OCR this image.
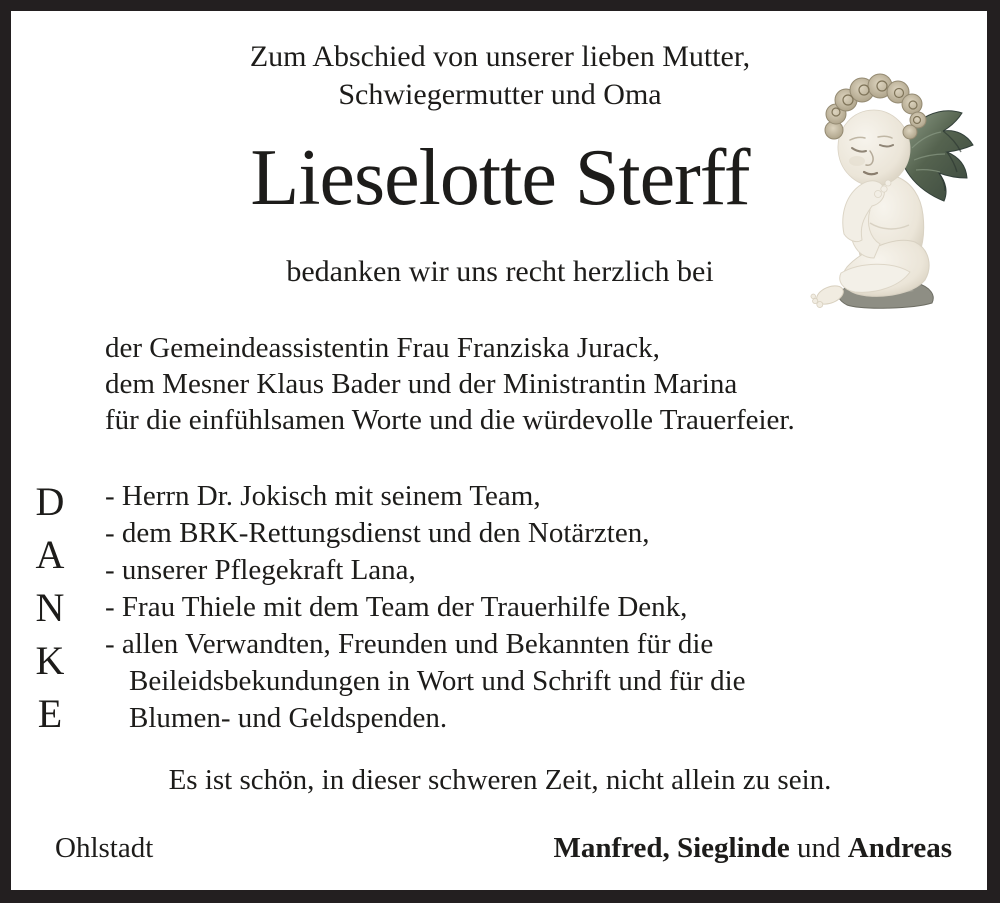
Zum Abschied von unserer lieben Mutter,
Schwiegermutter und Oma
Lieselotte Sterff
bedanken wir uns recht herzlich bei
der Gemeindeassistentin Frau Franziska Jurack,
dem Mesner Klaus Bader und der Ministrantin Marina
für die einfühlsamen Worte und die würdevolle Trauerfeier.
D
A
N
K
E
- Herrn Dr. Jokisch mit seinem Team,
- dem BRK-Rettungsdienst und den Notärzten,
- unserer Pflegekraft Lana,
- Frau Thiele mit dem Team der Trauerhilfe Denk,
- allen Verwandten, Freunden und Bekannten für die
Beileidsbekundungen in Wort und Schrift und für die
Blumen- und Geldspenden.
Es ist schön, in dieser schweren Zeit, nicht allein zu sein.
Ohlstadt	Manfred, Sieglinde und Andreas
